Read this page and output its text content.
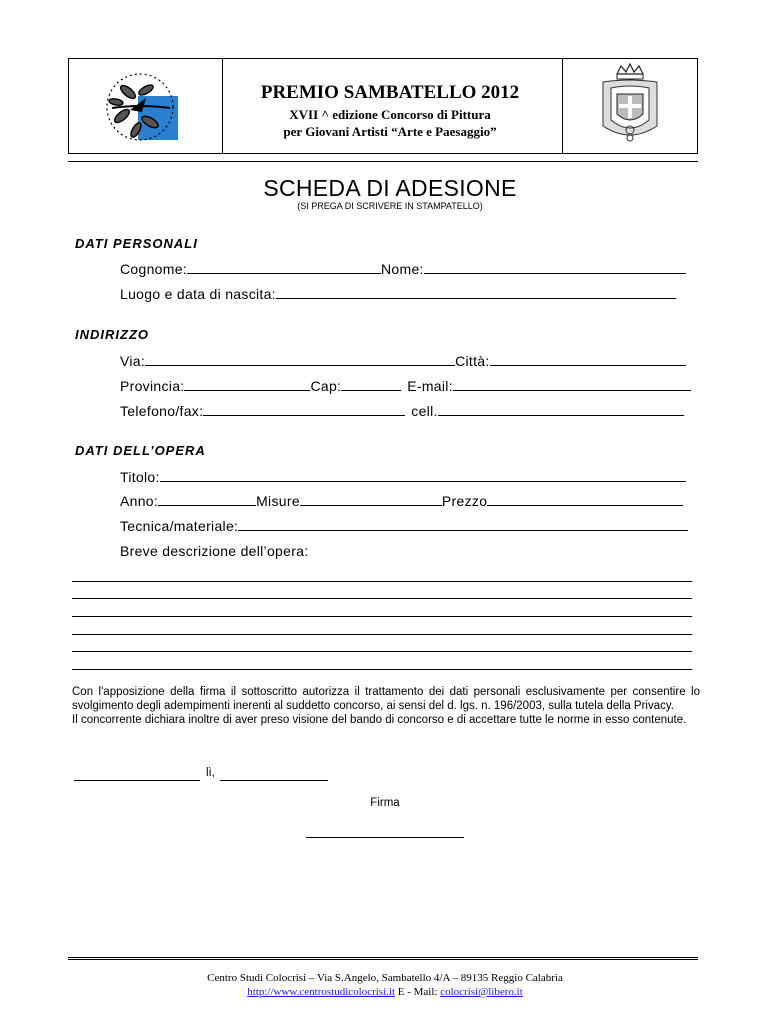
PREMIO SAMBATELLO 2012
XVII ^ edizione Concorso di Pittura
per Giovani Artisti “Arte e Paesaggio”
SCHEDA DI ADESIONE
(SI PREGA DI SCRIVERE IN STAMPATELLO)
DATI PERSONALI
Cognome:	Nome:
Luogo e data di nascita:
INDIRIZZO
Via:	Città:
Provincia:	Cap:	E-mail:
Telefono/fax:	cell.
DATI DELL’OPERA
Titolo:
Anno:	Misure	Prezzo
Tecnica/materiale:
Breve descrizione dell’opera:
Con l'apposizione della firma il sottoscritto autorizza il trattamento dei dati personali esclusivamente per consentire lo svolgimento degli adempimenti inerenti al suddetto concorso, ai sensi del d. lgs. n. 196/2003, sulla tutela della Privacy.
Il concorrente dichiara inoltre di aver preso visione del bando di concorso e di accettare tutte le norme in esso contenute.
lì,
Firma
Centro Studi Colocrisi – Via S.Angelo, Sambatello 4/A – 89135 Reggio Calabria
http://www.centrostudicolocrisi.it E - Mail: colocrisi@libero.it
